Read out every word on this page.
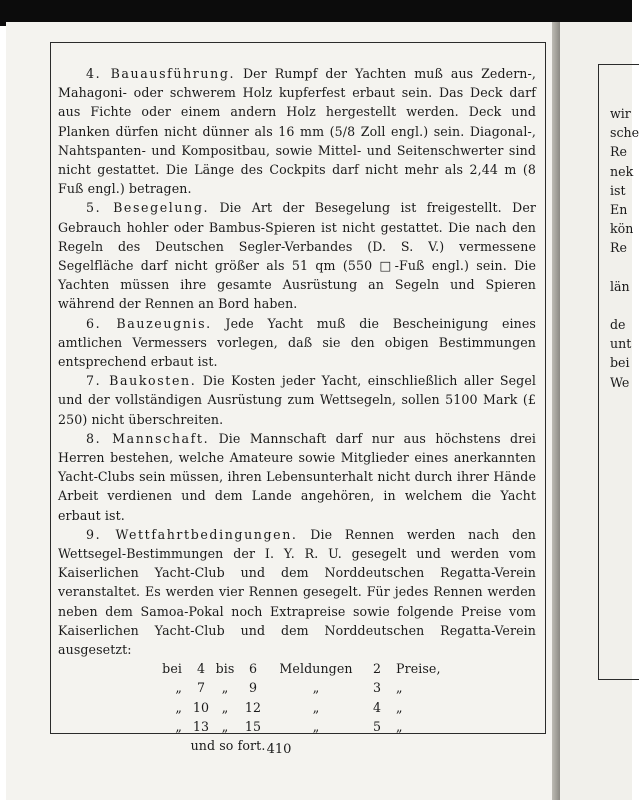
wir
sche
Re
nek
ist
En
kön
Re
län
de
unt
bei
We

4. Bauausführung. Der Rumpf der Yachten muß aus Zedern-, Mahagoni- oder schwerem Holz kupferfest erbaut sein. Das Deck darf aus Fichte oder einem andern Holz hergestellt werden. Deck und Planken dürfen nicht dünner als 16 mm (5/8 Zoll engl.) sein. Diagonal-, Nahtspanten- und Kompositbau, sowie Mittel- und Seitenschwerter sind nicht gestattet. Die Länge des Cockpits darf nicht mehr als 2,44 m (8 Fuß engl.) betragen.

5. Besegelung. Die Art der Besegelung ist freigestellt. Der Gebrauch hohler oder Bambus-Spieren ist nicht gestattet. Die nach den Regeln des Deutschen Segler-Verbandes (D. S. V.) vermessene Segelfläche darf nicht größer als 51 qm (550 □-Fuß engl.) sein. Die Yachten müssen ihre gesamte Ausrüstung an Segeln und Spieren während der Rennen an Bord haben.

6. Bauzeugnis. Jede Yacht muß die Bescheinigung eines amtlichen Vermessers vorlegen, daß sie den obigen Bestimmungen entsprechend erbaut ist.

7. Baukosten. Die Kosten jeder Yacht, einschließlich aller Segel und der vollständigen Ausrüstung zum Wettsegeln, sollen 5100 Mark (£ 250) nicht überschreiten.

8. Mannschaft. Die Mannschaft darf nur aus höchstens drei Herren bestehen, welche Amateure sowie Mitglieder eines anerkannten Yacht-Clubs sein müssen, ihren Lebensunterhalt nicht durch ihrer Hände Arbeit verdienen und dem Lande angehören, in welchem die Yacht erbaut ist.

9. Wettfahrtbedingungen. Die Rennen werden nach den Wettsegel-Bestimmungen der I. Y. R. U. gesegelt und werden vom Kaiserlichen Yacht-Club und dem Norddeutschen Regatta-Verein veranstaltet. Es werden vier Rennen gesegelt. Für jedes Rennen werden neben dem Samoa-Pokal noch Extrapreise sowie folgende Preise vom Kaiserlichen Yacht-Club und dem Norddeutschen Regatta-Verein ausgesetzt:

bei	4 bis	6	Meldungen	2	Preise,
„	7	„	9	„	3	„
„ 10 „	12	„	4	„
„ 13 „	15	„	5	„
und so fort. 410
